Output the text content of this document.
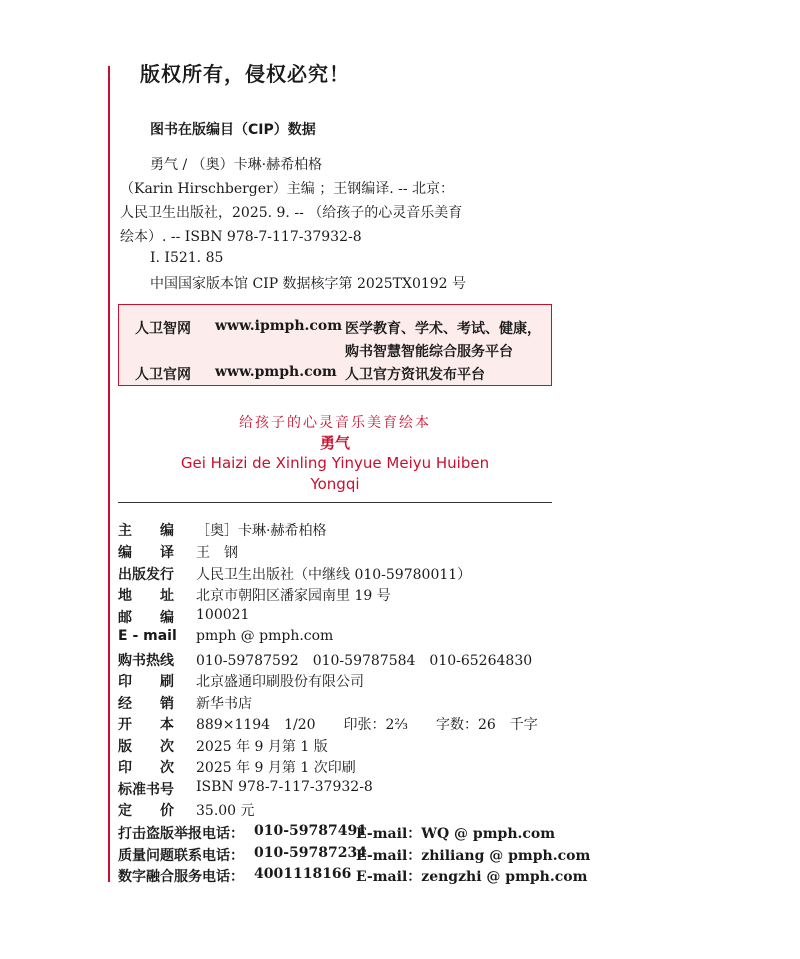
版权所有，侵权必究！
图书在版编目（CIP）数据
勇气 / （奥）卡琳·赫希柏格
（Karin Hirschberger）主编 ；王钢编译. -- 北京：
人民卫生出版社，2025. 9. -- （给孩子的心灵音乐美育
绘本）. -- ISBN 978-7-117-37932-8
Ⅰ. I521. 85
中国国家版本馆 CIP 数据核字第 2025TX0192 号
人卫智网 www.ipmph.com 医学教育、学术、考试、健康，
购书智慧智能综合服务平台
人卫官网 www.pmph.com 人卫官方资讯发布平台
给孩子的心灵音乐美育绘本
勇气
Gei Haizi de Xinling Yinyue Meiyu Huiben
Yongqi
主　　编 ［奥］卡琳·赫希柏格
编　　译 王　钢
出版发行 人民卫生出版社（中继线 010-59780011）
地　　址 北京市朝阳区潘家园南里 19 号
邮　　编 100021
E - mail pmph @ pmph.com
购书热线 010-59787592　010-59787584　010-65264830
印　　刷 北京盛通印刷股份有限公司
经　　销 新华书店
开　　本 889×1194　1/20　　印张：2⅔　　字数：26　千字
版　　次 2025 年 9 月第 1 版
印　　次 2025 年 9 月第 1 次印刷
标准书号 ISBN 978-7-117-37932-8
定　　价 35.00 元
打击盗版举报电话： 010-59787491
E-mail：WQ @ pmph.com
质量问题联系电话： 010-59787234
E-mail：zhiliang @ pmph.com
数字融合服务电话： 4001118166 E-mail：zengzhi @ pmph.com
